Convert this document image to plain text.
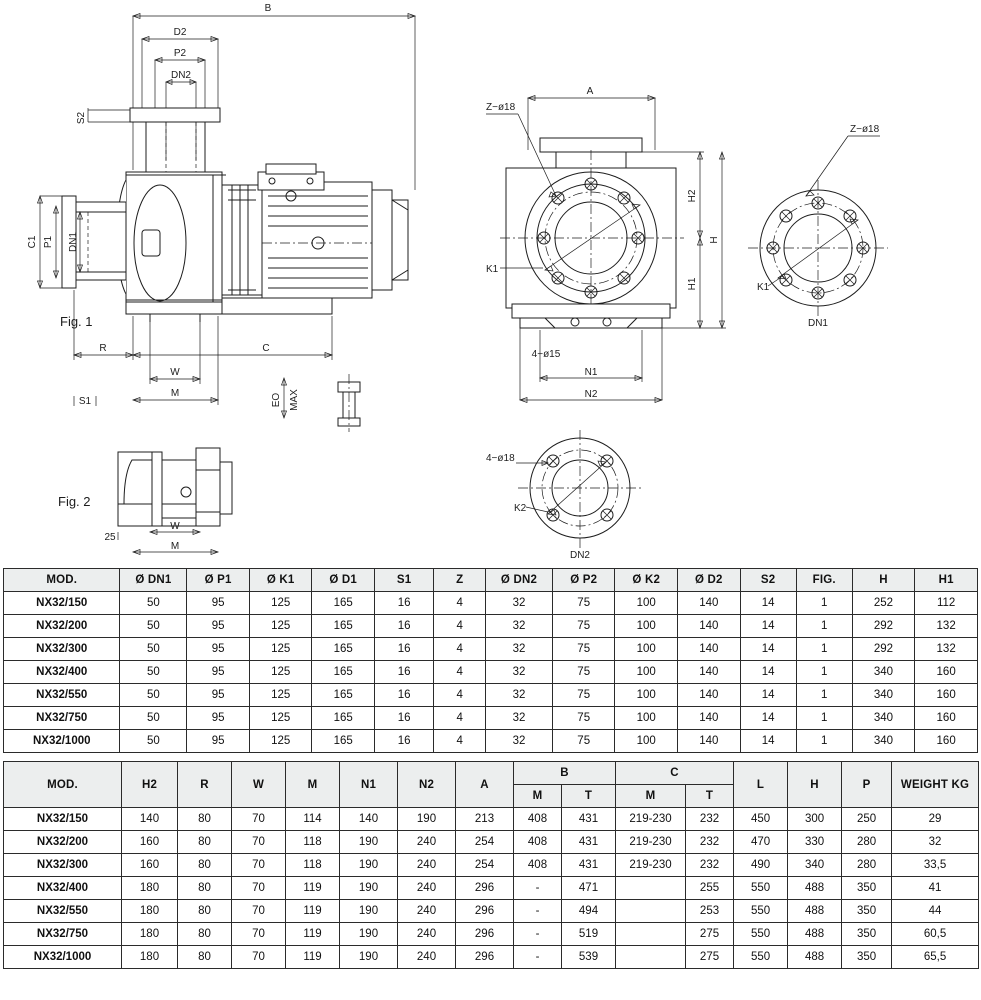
B
D2
P2
DN2
S2
C1 P1 DN1
Fig. 1
R	C
W
M
S1	EO MAX
Fig. 2
25
W
M
A
K1
Z−ø18
H2
H
H1
4−ø15
N1
N2
K1
Z−ø18
DN1
4−ø18
K2
DN2
MOD.	Ø DN1	Ø P1	Ø K1	Ø D1	S1	Z	Ø DN2	Ø P2	Ø K2	Ø D2	S2	FIG.	H	H1
NX32/150	50	95	125	165	16	4	32	75	100	140	14	1	252	112
NX32/200	50	95	125	165	16	4	32	75	100	140	14	1	292	132
NX32/300	50	95	125	165	16	4	32	75	100	140	14	1	292	132
NX32/400	50	95	125	165	16	4	32	75	100	140	14	1	340	160
NX32/550	50	95	125	165	16	4	32	75	100	140	14	1	340	160
NX32/750	50	95	125	165	16	4	32	75	100	140	14	1	340	160
NX32/1000	50	95	125	165	16	4	32	75	100	140	14	1	340	160
MOD.	H2	R	W	M	N1	N2	A	B		C		L	H	P	WEIGHT KG
								M	T	M	T				
NX32/150	140	80	70	114	140	190	213	408	431	219-230	232	450	300	250	29
NX32/200	160	80	70	118	190	240	254	408	431	219-230	232	470	330	280	32
NX32/300	160	80	70	118	190	240	254	408	431	219-230	232	490	340	280	33,5
NX32/400	180	80	70	119	190	240	296	-	471		255	550	488	350	41
NX32/550	180	80	70	119	190	240	296	-	494		253	550	488	350	44
NX32/750	180	80	70	119	190	240	296	-	519		275	550	488	350	60,5
NX32/1000	180	80	70	119	190	240	296	-	539		275	550	488	350	65,5
